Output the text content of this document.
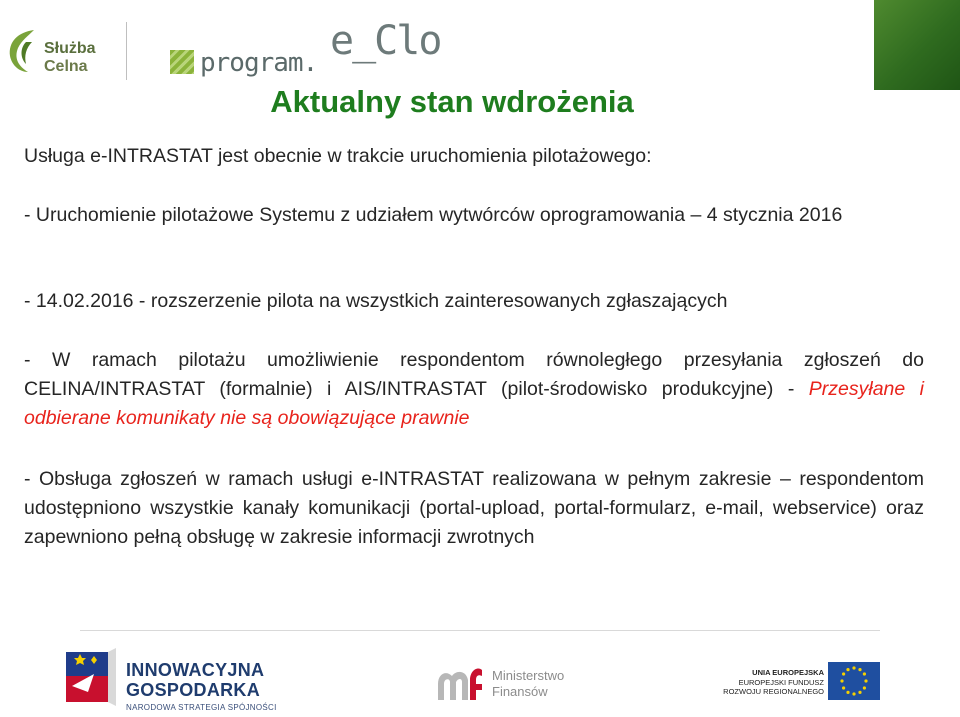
Służba
Celna	program. e_Clo
Aktualny stan wdrożenia
Usługa e-INTRASTAT jest obecnie w trakcie uruchomienia pilotażowego:
- Uruchomienie pilotażowe Systemu z udziałem wytwórców oprogramowania – 4 stycznia 2016
- 14.02.2016 - rozszerzenie pilota na wszystkich zainteresowanych zgłaszających
- W ramach pilotażu umożliwienie respondentom równoległego przesyłania zgłoszeń do CELINA/INTRASTAT (formalnie) i AIS/INTRASTAT (pilot-środowisko produkcyjne) - Przesyłane i odbierane komunikaty nie są obowiązujące prawnie
- Obsługa zgłoszeń w ramach usługi e-INTRASTAT realizowana w pełnym zakresie – respondentom udostępniono wszystkie kanały komunikacji (portal-upload, portal-formularz, e-mail, webservice) oraz zapewniono pełną obsługę w zakresie informacji zwrotnych
INNOWACYJNA
GOSPODARKA
NARODOWA STRATEGIA SPÓJNOŚCI
Ministerstwo
Finansów
UNIA EUROPEJSKA
EUROPEJSKI FUNDUSZ
ROZWOJU REGIONALNEGO
